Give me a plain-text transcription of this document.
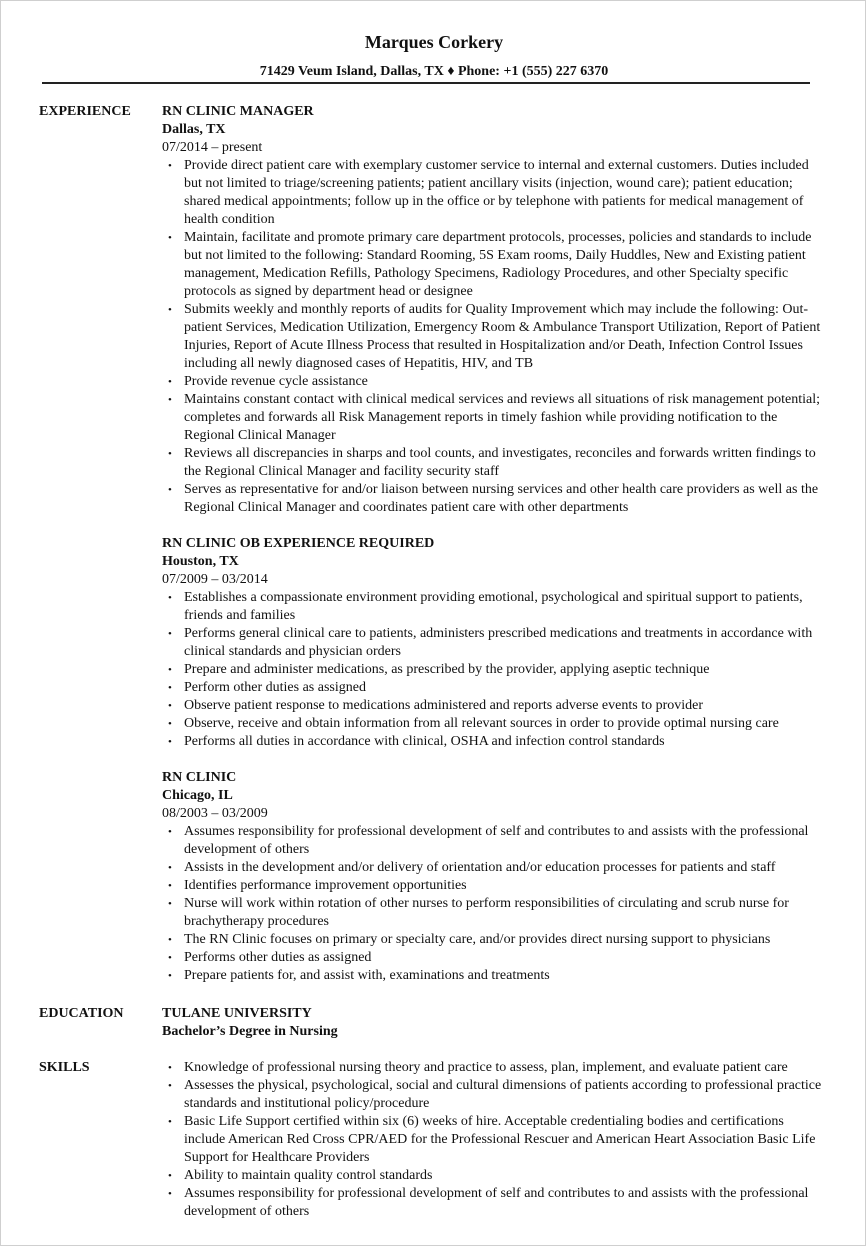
Marques Corkery
71429 Veum Island, Dallas, TX ♦ Phone: +1 (555) 227 6370
EXPERIENCE RN CLINIC MANAGER
Dallas, TX
07/2014 – present
• Provide direct patient care with exemplary customer service to internal and external customers. Duties included but not limited to triage/screening patients; patient ancillary visits (injection, wound care); patient education; shared medical appointments; follow up in the office or by telephone with patients for medical management of health condition
• Maintain, facilitate and promote primary care department protocols, processes, policies and standards to include but not limited to the following: Standard Rooming, 5S Exam rooms, Daily Huddles, New and Existing patient management, Medication Refills, Pathology Specimens, Radiology Procedures, and other Specialty specific protocols as signed by department head or designee
• Submits weekly and monthly reports of audits for Quality Improvement which may include the following: Out-patient Services, Medication Utilization, Emergency Room & Ambulance Transport Utilization, Report of Patient Injuries, Report of Acute Illness Process that resulted in Hospitalization and/or Death, Infection Control Issues including all newly diagnosed cases of Hepatitis, HIV, and TB
• Provide revenue cycle assistance
• Maintains constant contact with clinical medical services and reviews all situations of risk management potential; completes and forwards all Risk Management reports in timely fashion while providing notification to the Regional Clinical Manager
• Reviews all discrepancies in sharps and tool counts, and investigates, reconciles and forwards written findings to the Regional Clinical Manager and facility security staff
• Serves as representative for and/or liaison between nursing services and other health care providers as well as the Regional Clinical Manager and coordinates patient care with other departments
RN CLINIC OB EXPERIENCE REQUIRED
Houston, TX
07/2009 – 03/2014
• Establishes a compassionate environment providing emotional, psychological and spiritual support to patients, friends and families
• Performs general clinical care to patients, administers prescribed medications and treatments in accordance with clinical standards and physician orders
• Prepare and administer medications, as prescribed by the provider, applying aseptic technique
• Perform other duties as assigned
• Observe patient response to medications administered and reports adverse events to provider
• Observe, receive and obtain information from all relevant sources in order to provide optimal nursing care
• Performs all duties in accordance with clinical, OSHA and infection control standards
RN CLINIC
Chicago, IL
08/2003 – 03/2009
• Assumes responsibility for professional development of self and contributes to and assists with the professional development of others
• Assists in the development and/or delivery of orientation and/or education processes for patients and staff
• Identifies performance improvement opportunities
• Nurse will work within rotation of other nurses to perform responsibilities of circulating and scrub nurse for brachytherapy procedures
• The RN Clinic focuses on primary or specialty care, and/or provides direct nursing support to physicians
• Performs other duties as assigned
• Prepare patients for, and assist with, examinations and treatments
EDUCATION	TULANE UNIVERSITY
Bachelor’s Degree in Nursing
SKILLS	• Knowledge of professional nursing theory and practice to assess, plan, implement, and evaluate patient care
• Assesses the physical, psychological, social and cultural dimensions of patients according to professional practice standards and institutional policy/procedure
• Basic Life Support certified within six (6) weeks of hire. Acceptable credentialing bodies and certifications include American Red Cross CPR/AED for the Professional Rescuer and American Heart Association Basic Life Support for Healthcare Providers
• Ability to maintain quality control standards
• Assumes responsibility for professional development of self and contributes to and assists with the professional development of others
